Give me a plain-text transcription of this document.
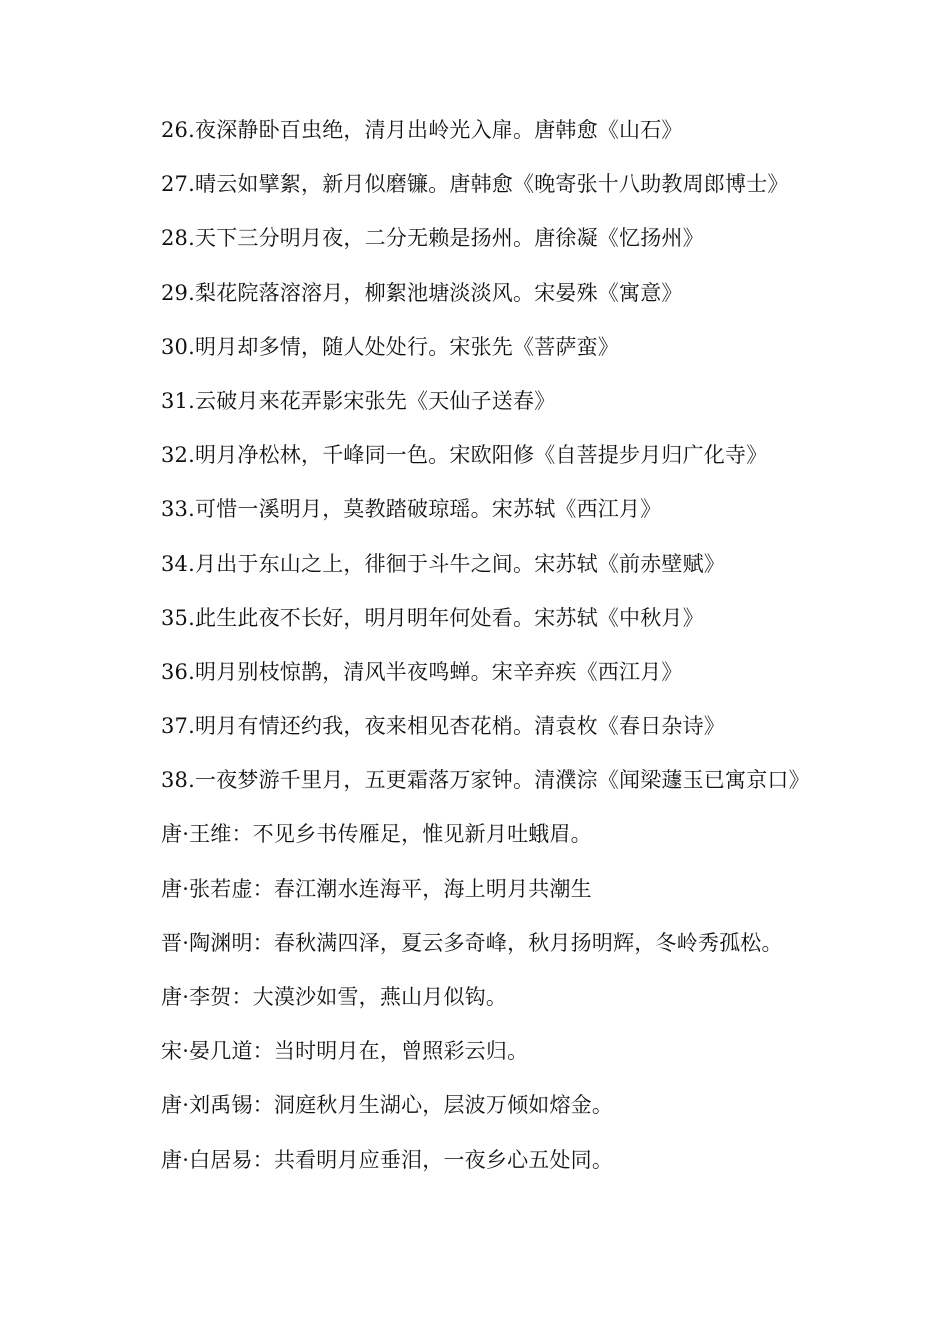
26.夜深静卧百虫绝，清月出岭光入扉。唐韩愈《山石》

27.晴云如擘絮，新月似磨镰。唐韩愈《晚寄张十八助教周郎博士》

28.天下三分明月夜，二分无赖是扬州。唐徐凝《忆扬州》

29.梨花院落溶溶月，柳絮池塘淡淡风。宋晏殊《寓意》

30.明月却多情，随人处处行。宋张先《菩萨蛮》

31.云破月来花弄影宋张先《天仙子送春》

32.明月净松林，千峰同一色。宋欧阳修《自菩提步月归广化寺》

33.可惜一溪明月，莫教踏破琼瑶。宋苏轼《西江月》

34.月出于东山之上，徘徊于斗牛之间。宋苏轼《前赤壁赋》

35.此生此夜不长好，明月明年何处看。宋苏轼《中秋月》

36.明月别枝惊鹊，清风半夜鸣蝉。宋辛弃疾《西江月》

37.明月有情还约我，夜来相见杏花梢。清袁枚《春日杂诗》

38.一夜梦游千里月，五更霜落万家钟。清濮淙《闻梁蘧玉已寓京口》

唐·王维：不见乡书传雁足，惟见新月吐蛾眉。

唐·张若虚：春江潮水连海平，海上明月共潮生

晋·陶渊明：春秋满四泽，夏云多奇峰，秋月扬明辉，冬岭秀孤松。

唐·李贺：大漠沙如雪，燕山月似钩。

宋·晏几道：当时明月在，曾照彩云归。

唐·刘禹锡：洞庭秋月生湖心，层波万倾如熔金。

唐·白居易：共看明月应垂泪，一夜乡心五处同。
